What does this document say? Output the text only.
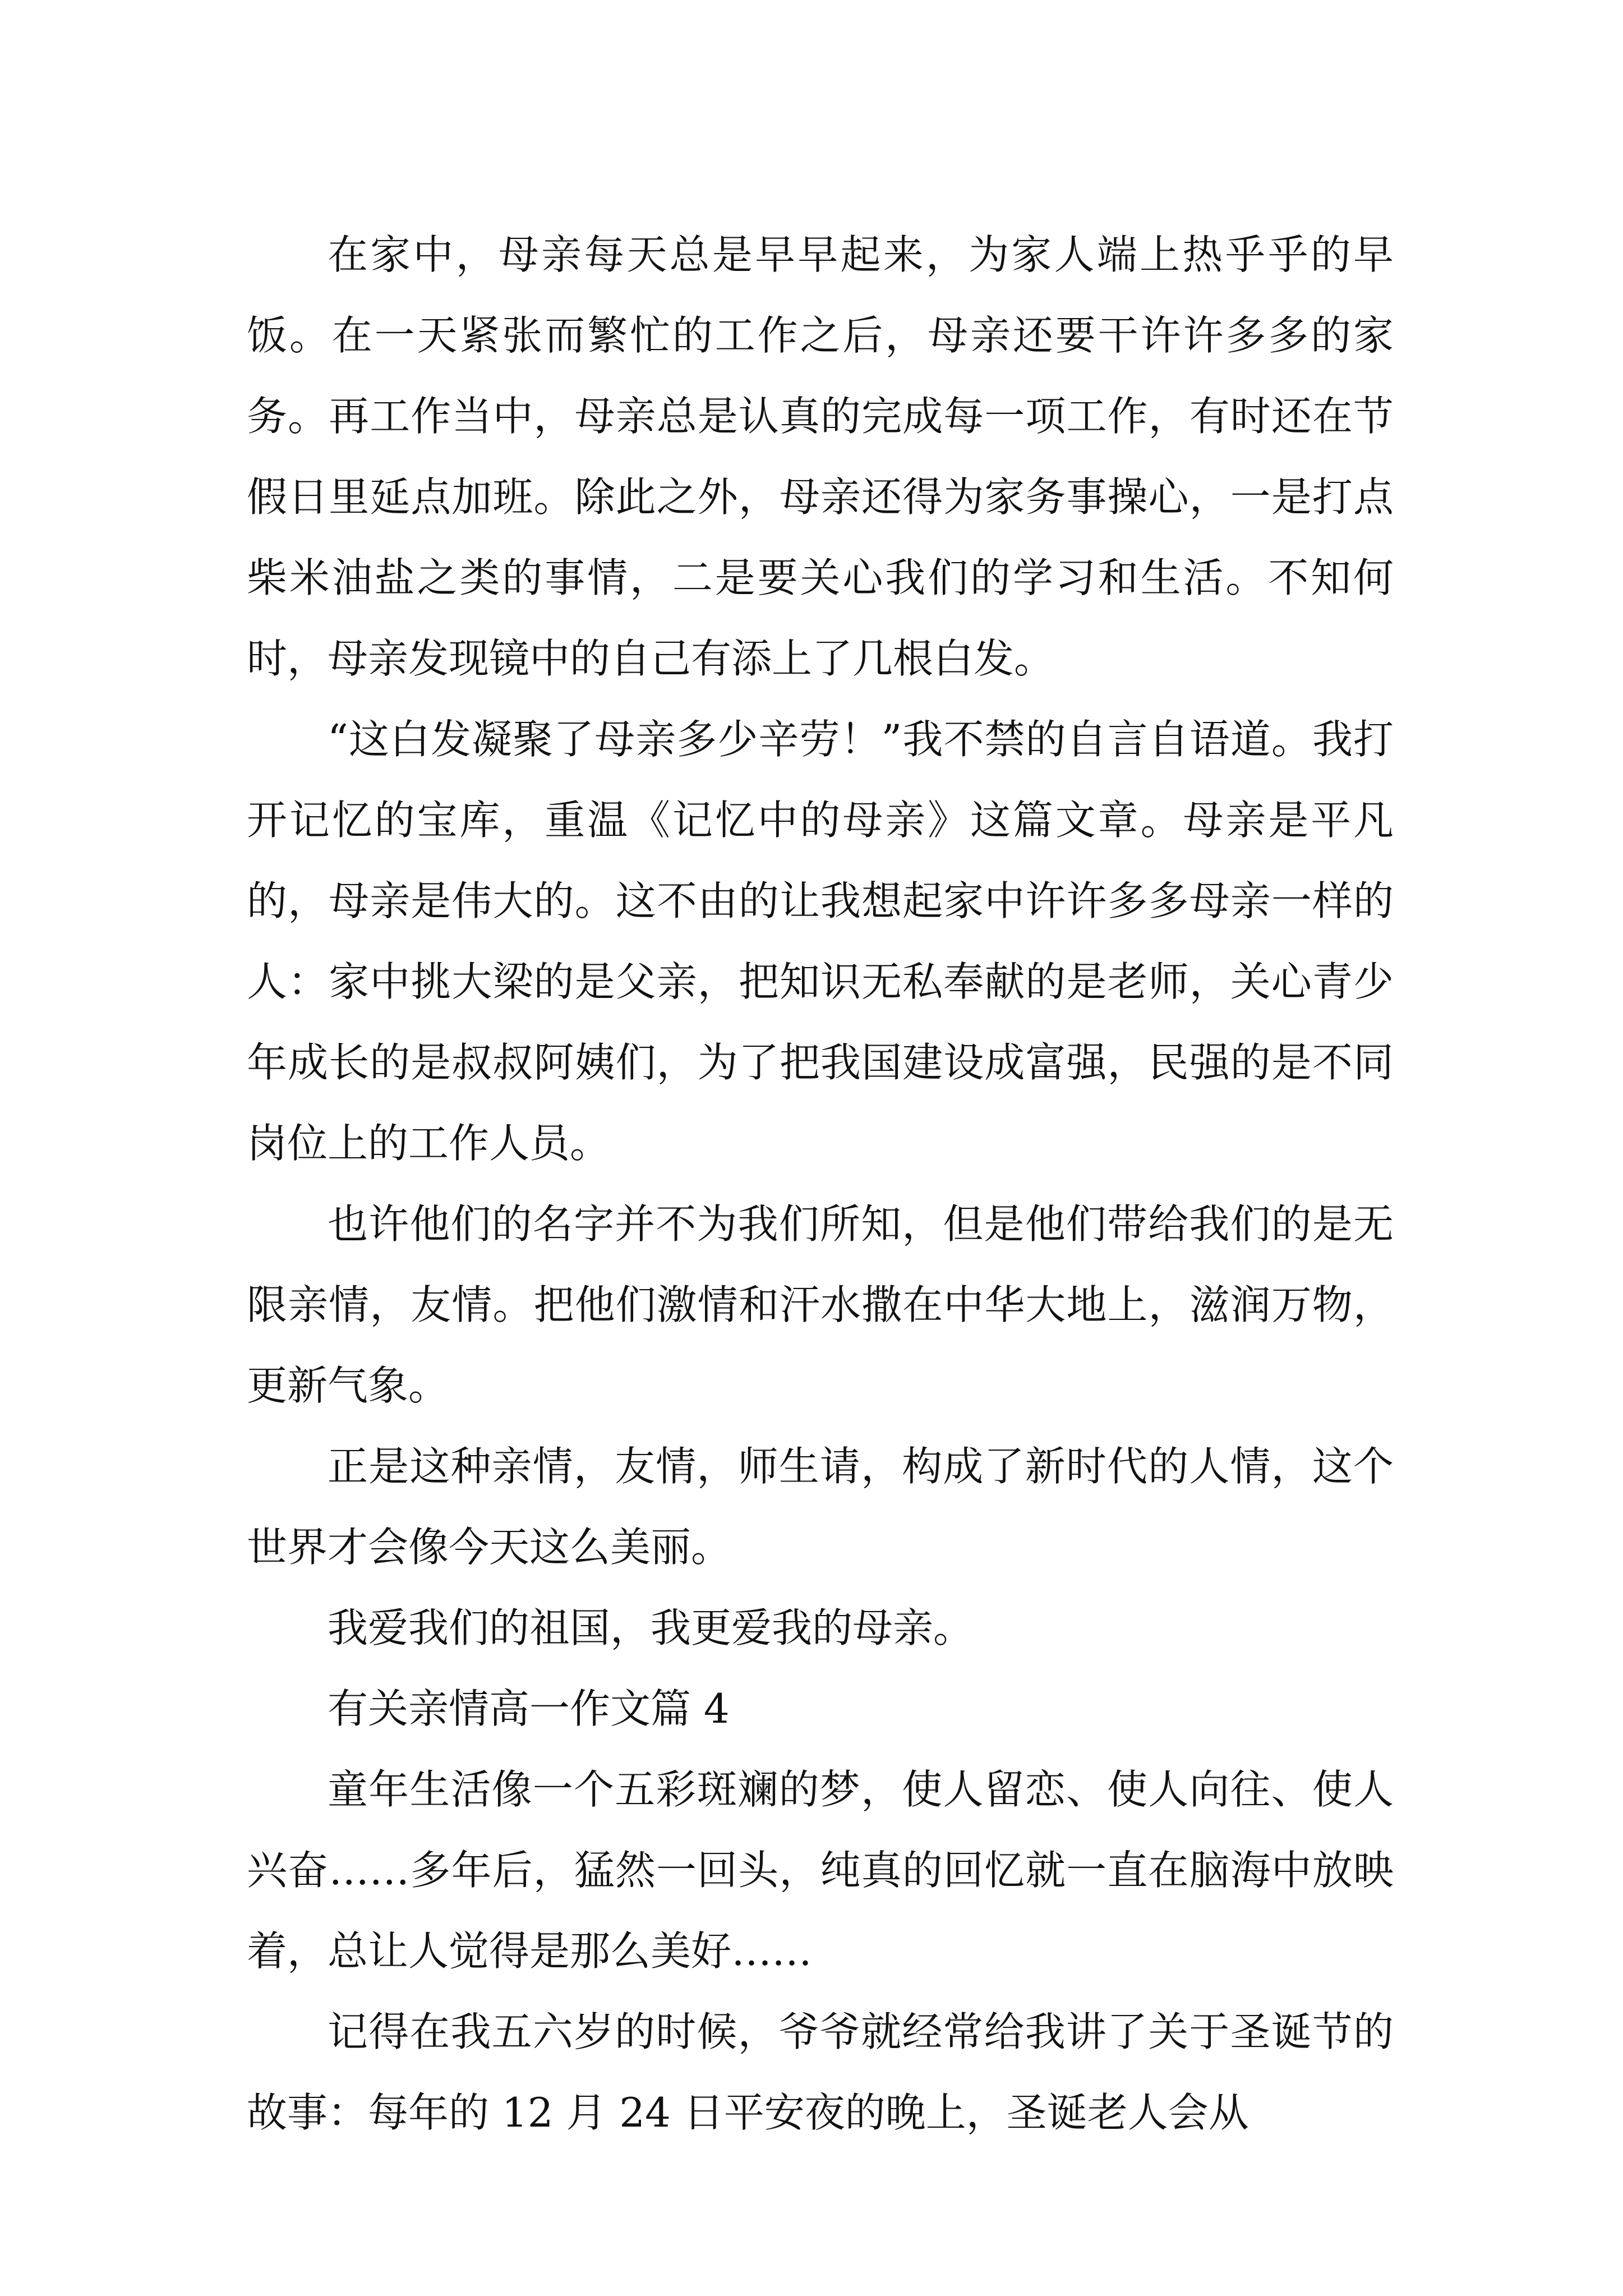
在家中，母亲每天总是早早起来，为家人端上热乎乎的早饭。在一天紧张而繁忙的工作之后，母亲还要干许许多多的家务。再工作当中，母亲总是认真的完成每一项工作，有时还在节假日里延点加班。除此之外，母亲还得为家务事操心，一是打点柴米油盐之类的事情，二是要关心我们的学习和生活。不知何时，母亲发现镜中的自己有添上了几根白发。

“这白发凝聚了母亲多少辛劳！”我不禁的自言自语道。我打开记忆的宝库，重温《记忆中的母亲》这篇文章。母亲是平凡的，母亲是伟大的。这不由的让我想起家中许许多多母亲一样的人：家中挑大梁的是父亲，把知识无私奉献的是老师，关心青少年成长的是叔叔阿姨们，为了把我国建设成富强，民强的是不同岗位上的工作人员。

也许他们的名字并不为我们所知，但是他们带给我们的是无限亲情，友情。把他们激情和汗水撒在中华大地上，滋润万物，更新气象。

正是这种亲情，友情，师生请，构成了新时代的人情，这个世界才会像今天这么美丽。

我爱我们的祖国，我更爱我的母亲。

有关亲情高一作文篇 4

童年生活像一个五彩斑斓的梦，使人留恋、使人向往、使人兴奋……多年后，猛然一回头，纯真的回忆就一直在脑海中放映着，总让人觉得是那么美好……

记得在我五六岁的时候，爷爷就经常给我讲了关于圣诞节的故事：每年的 12 月 24 日平安夜的晚上，圣诞老人会从
